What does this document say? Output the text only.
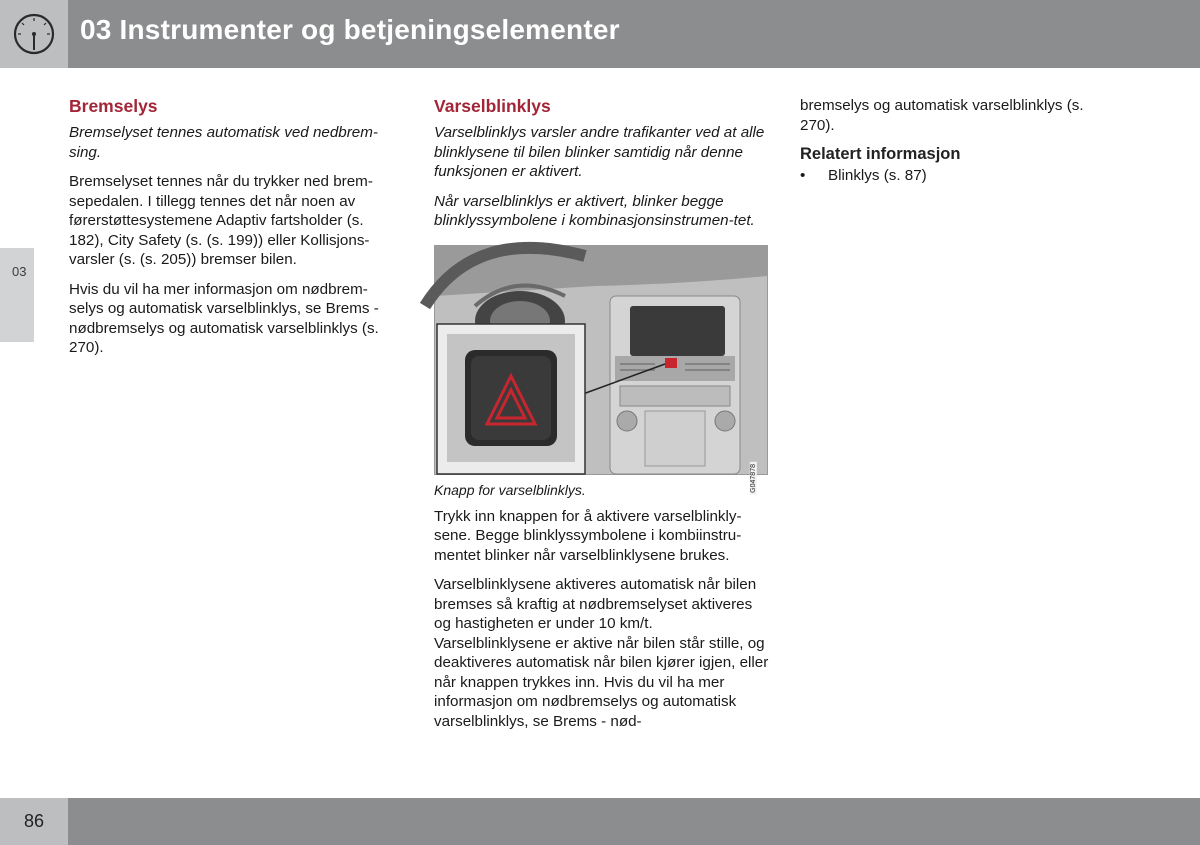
03 Instrumenter og betjeningselementer
03
Bremselys

Bremselyset tennes automatisk ved nedbrem-sing.

Bremselyset tennes når du trykker ned brem-sepedalen. I tillegg tennes det når noen av førerstøttesystemene Adaptiv fartsholder (s. 182), City Safety (s. (s. 199)) eller Kollisjons-varsler (s. (s. 205)) bremser bilen.

Hvis du vil ha mer informasjon om nødbrem-selys og automatisk varselblinklys, se Brems - nødbremselys og automatisk varselblinklys (s. 270).

Varselblinklys

Varselblinklys varsler andre trafikanter ved at alle blinklysene til bilen blinker samtidig når denne funksjonen er aktivert.

Når varselblinklys er aktivert, blinker begge blinklyssymbolene i kombinasjonsinstrumen-tet.

G047878

Knapp for varselblinklys.

Trykk inn knappen for å aktivere varselblinkly-sene. Begge blinklyssymbolene i kombiinstru-mentet blinker når varselblinklysene brukes.

Varselblinklysene aktiveres automatisk når bilen bremses så kraftig at nødbremselyset aktiveres og hastigheten er under 10 km/t. Varselblinklysene er aktive når bilen står stille, og deaktiveres automatisk når bilen kjører igjen, eller når knappen trykkes inn. Hvis du vil ha mer informasjon om nødbremselys og automatisk varselblinklys, se Brems - nød-

bremselys og automatisk varselblinklys (s. 270).

Relatert informasjon
• Blinklys (s. 87)
86
